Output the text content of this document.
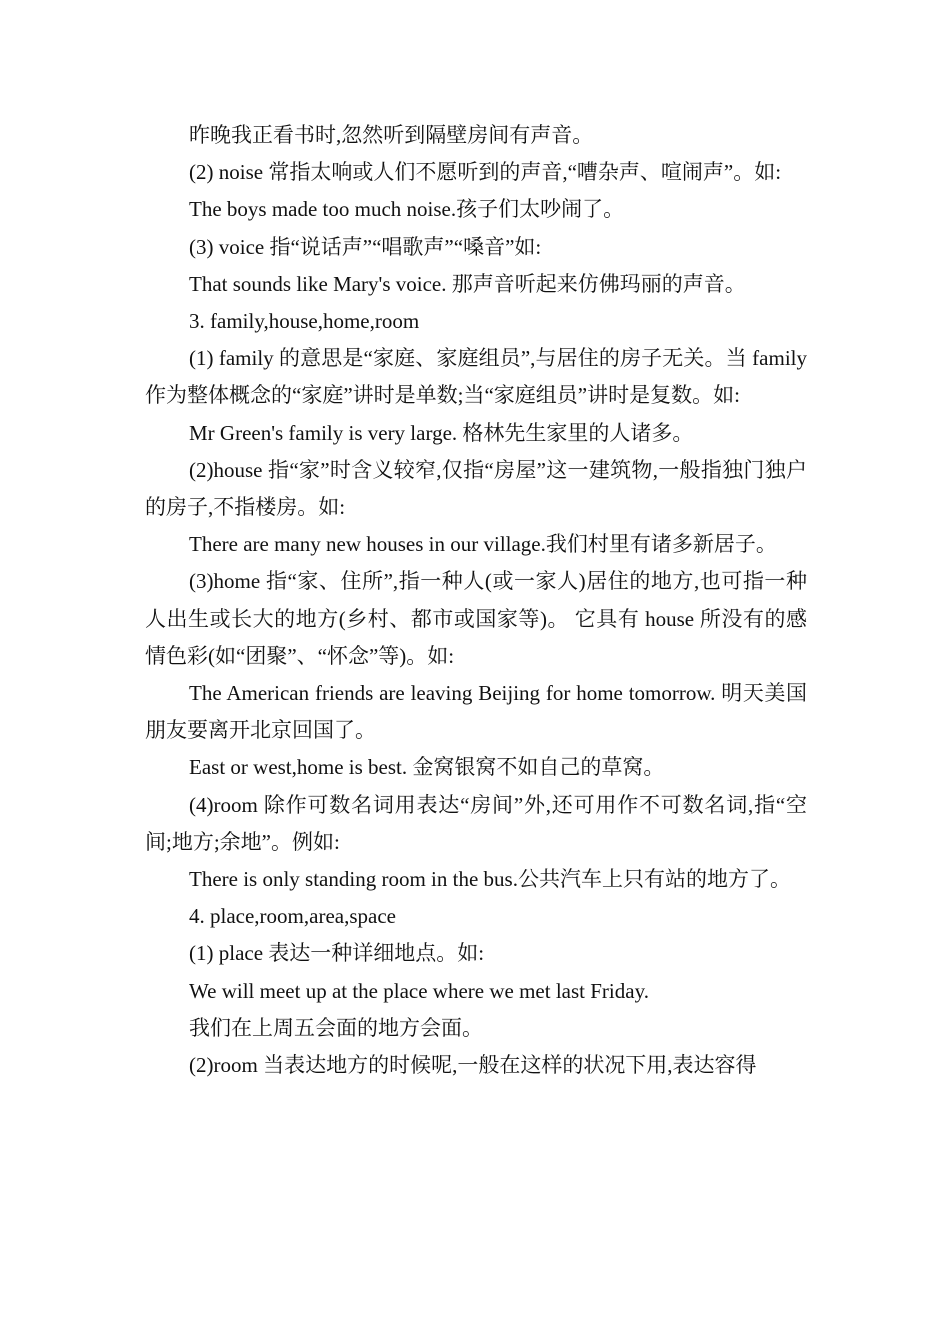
昨晚我正看书时,忽然听到隔壁房间有声音。

(2) noise 常指太响或人们不愿听到的声音,“嘈杂声、喧闹声”。如:

The boys made too much noise.孩子们太吵闹了。

(3) voice 指“说话声”“唱歌声”“嗓音”如:

That sounds like Mary's voice. 那声音听起来仿佛玛丽的声音。

3. family,house,home,room

(1) family 的意思是“家庭、家庭组员”,与居住的房子无关。当 family 作为整体概念的“家庭”讲时是单数;当“家庭组员”讲时是复数。如:

Mr Green's family is very large. 格林先生家里的人诸多。

(2)house 指“家”时含义较窄,仅指“房屋”这一建筑物,一般指独门独户的房子,不指楼房。如:

There are many new houses in our village.我们村里有诸多新居子。

(3)home 指“家、住所”,指一种人(或一家人)居住的地方,也可指一种人出生或长大的地方(乡村、都市或国家等)。 它具有 house 所没有的感情色彩(如“团聚”、“怀念”等)。如:

The American friends are leaving Beijing for home tomorrow. 明天美国朋友要离开北京回国了。

East or west,home is best. 金窝银窝不如自己的草窝。

(4)room 除作可数名词用表达“房间”外,还可用作不可数名词,指“空间;地方;余地”。例如:

There is only standing room in the bus.公共汽车上只有站的地方了。

4. place,room,area,space

(1) place 表达一种详细地点。如:

We will meet up at the place where we met last Friday.

我们在上周五会面的地方会面。

(2)room 当表达地方的时候呢,一般在这样的状况下用,表达容得
